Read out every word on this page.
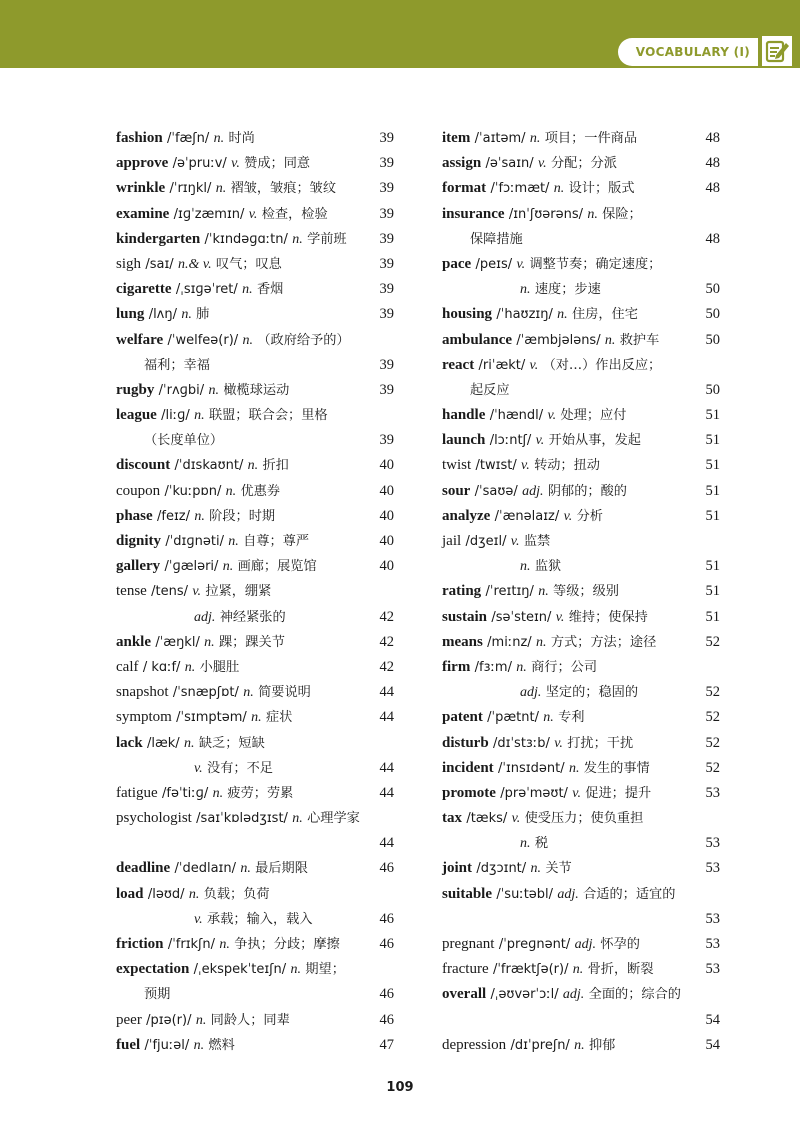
VOCABULARY (I)
fashion /ˈfæʃn/ n. 时尚	39
approve /əˈpruːv/ v. 赞成；同意	39
wrinkle /ˈrɪŋkl/ n. 褶皱，皱痕；皱纹	39
examine /ɪɡˈzæmɪn/ v. 检查，检验	39
kindergarten /ˈkɪndəɡɑːtn/ n. 学前班 39
sigh /saɪ/ n.& v. 叹气；叹息	39
cigarette /ˌsɪɡəˈret/ n. 香烟	39
lung /lʌŋ/ n. 肺	39
welfare /ˈwelfeə(r)/ n. （政府给予的）
福利；幸福	39
rugby /ˈrʌɡbi/ n. 橄榄球运动	39
league /liːɡ/ n. 联盟；联合会；里格
（长度单位）	39
discount /ˈdɪskaʊnt/ n. 折扣	40
coupon /ˈkuːpɒn/ n. 优惠券	40
phase /feɪz/ n. 阶段；时期	40
dignity /ˈdɪɡnəti/ n. 自尊；尊严	40
gallery /ˈɡæləri/ n. 画廊；展览馆	40
tense /tens/ v. 拉紧，绷紧
adj. 神经紧张的	42
ankle /ˈæŋkl/ n. 踝；踝关节	42
calf / kɑːf/ n. 小腿肚	42
snapshot /ˈsnæpʃɒt/ n. 简要说明	44
symptom /ˈsɪmptəm/ n. 症状	44
lack /læk/ n. 缺乏；短缺
v. 没有；不足	44
fatigue /fəˈtiːɡ/ n. 疲劳；劳累	44
psychologist /saɪˈkɒlədʒɪst/ n. 心理学家
44
deadline /ˈdedlaɪn/ n. 最后期限	46
load /ləʊd/ n. 负载；负荷
v. 承载；输入，载入	46
friction /ˈfrɪkʃn/ n. 争执；分歧；摩擦	46
expectation /ˌekspekˈteɪʃn/ n. 期望；
预期	46
peer /pɪə(r)/ n. 同龄人；同辈	46
fuel /ˈfjuːəl/ n. 燃料	47
item /ˈaɪtəm/ n. 项目；一件商品	48
assign /əˈsaɪn/ v. 分配；分派	48
format /ˈfɔːmæt/ n. 设计；版式	48
insurance /ɪnˈʃʊərəns/ n. 保险；
保障措施	48
pace /peɪs/ v. 调整节奏；确定速度；
n. 速度；步速	50
housing /ˈhaʊzɪŋ/ n. 住房，住宅	50
ambulance /ˈæmbjələns/ n. 救护车	50
react /riˈækt/ v. （对…）作出反应；
起反应	50
handle /ˈhændl/ v. 处理；应付	51
launch /lɔːntʃ/ v. 开始从事，发起	51
twist /twɪst/ v. 转动；扭动	51
sour /ˈsaʊə/ adj. 阴郁的；酸的	51
analyze /ˈænəlaɪz/ v. 分析	51
jail /dʒeɪl/ v. 监禁
n. 监狱	51
rating /ˈreɪtɪŋ/ n. 等级；级别	51
sustain /səˈsteɪn/ v. 维持；使保持	51
means /miːnz/ n. 方式；方法；途径	52
firm /fɜːm/ n. 商行；公司
adj. 坚定的；稳固的	52
patent /ˈpætnt/ n. 专利	52
disturb /dɪˈstɜːb/ v. 打扰；干扰	52
incident /ˈɪnsɪdənt/ n. 发生的事情	52
promote /prəˈməʊt/ v. 促进；提升	53
tax /tæks/ v. 使受压力；使负重担
n. 税	53
joint /dʒɔɪnt/ n. 关节	53
suitable /ˈsuːtəbl/ adj. 合适的；适宜的
53
pregnant /ˈpreɡnənt/ adj. 怀孕的	53
fracture /ˈfræktʃə(r)/ n. 骨折，断裂	53
overall /ˌəʊvərˈɔːl/ adj. 全面的；综合的
54
depression /dɪˈpreʃn/ n. 抑郁	54
109
